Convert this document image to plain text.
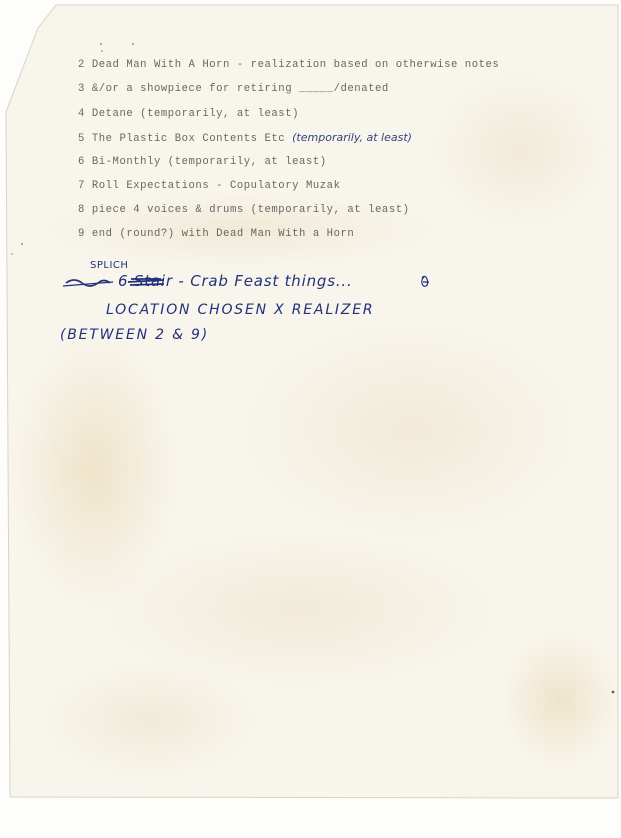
2 Dead Man With A Horn - realization based on otherwise notes
3 &/or a showpiece for retiring _____/denated
4 Detane (temporarily, at least)
5 The Plastic Box Contents Etc (temporarily, at least)
6 Bi-Monthly (temporarily, at least)
7 Roll Expectations - Copulatory Muzak
8 piece 4 voices & drums (temporarily, at least)
9 end (round?) with Dead Man With a Horn
SPLICH
6 Stair - Crab Feast things...
LOCATION CHOSEN X REALIZER
(BETWEEN 2 & 9)
